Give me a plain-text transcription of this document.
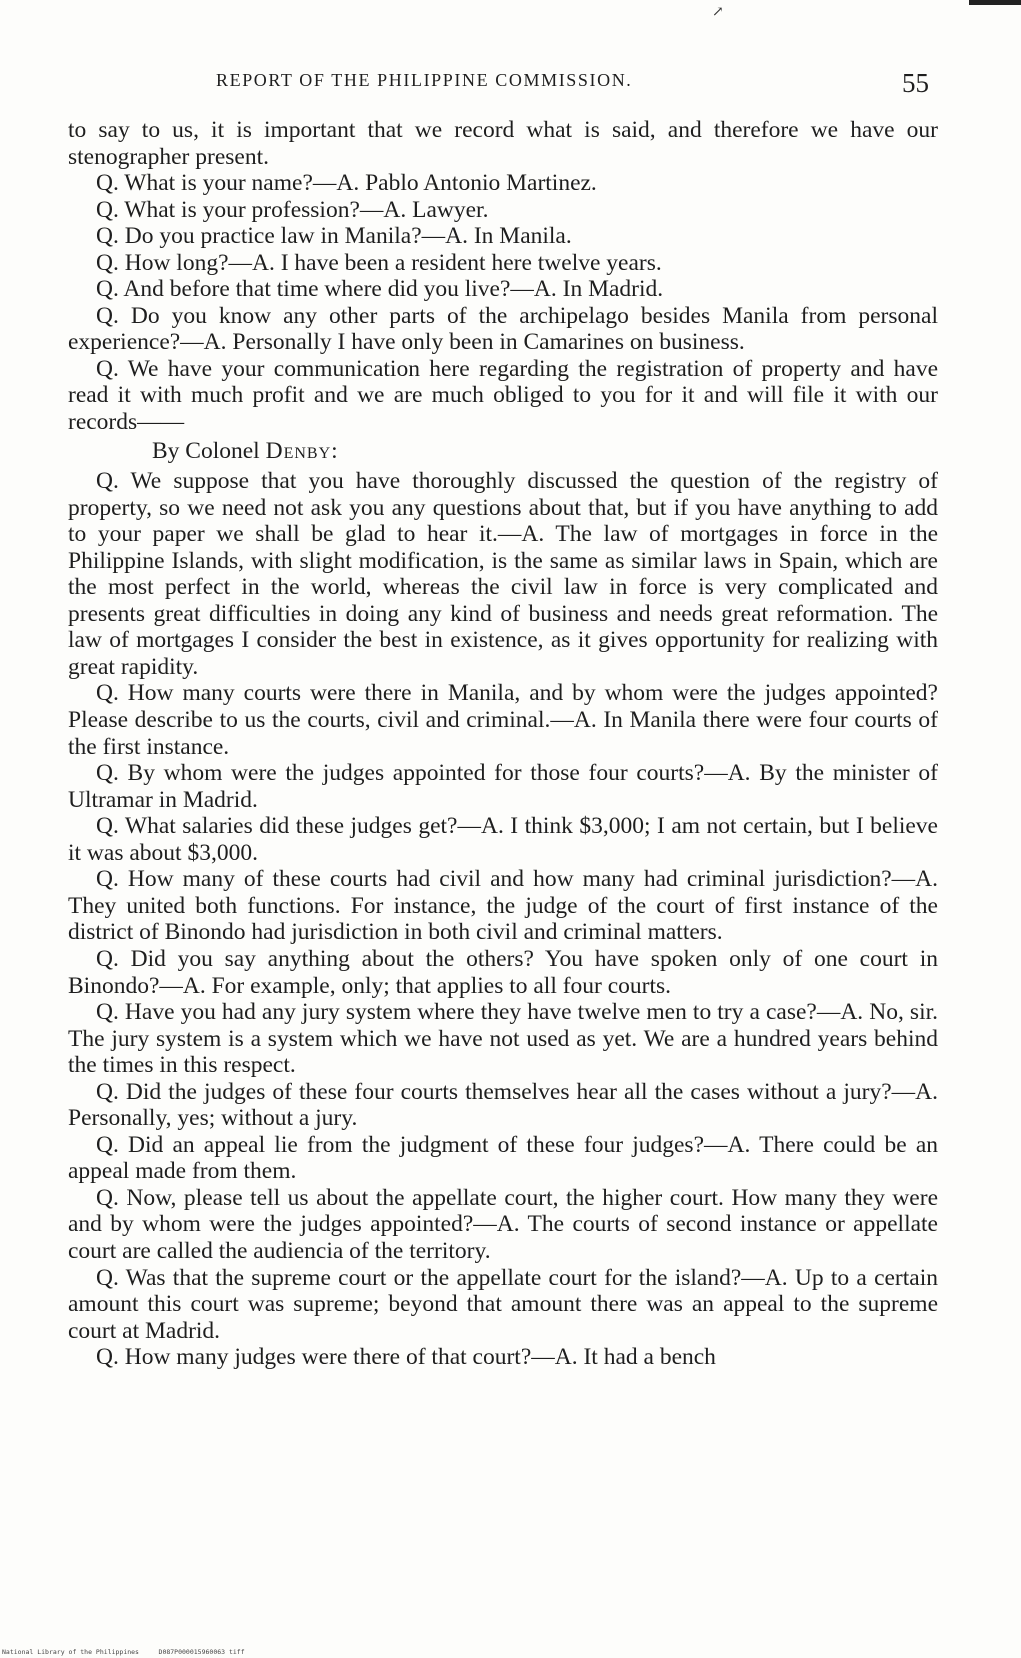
↗
REPORT OF THE PHILIPPINE COMMISSION.	55

to say to us, it is important that we record what is said, and therefore we have our stenographer present.

Q. What is your name?—A. Pablo Antonio Martinez.

Q. What is your profession?—A. Lawyer.

Q. Do you practice law in Manila?—A. In Manila.

Q. How long?—A. I have been a resident here twelve years.

Q. And before that time where did you live?—A. In Madrid.

Q. Do you know any other parts of the archipelago besides Manila from personal experience?—A. Personally I have only been in Camarines on business.

Q. We have your communication here regarding the registration of property and have read it with much profit and we are much obliged to you for it and will file it with our records——

By Colonel Denby:

Q. We suppose that you have thoroughly discussed the question of the registry of property, so we need not ask you any questions about that, but if you have anything to add to your paper we shall be glad to hear it.—A. The law of mortgages in force in the Philippine Islands, with slight modification, is the same as similar laws in Spain, which are the most perfect in the world, whereas the civil law in force is very complicated and presents great difficulties in doing any kind of business and needs great reformation. The law of mortgages I consider the best in existence, as it gives opportunity for realizing with great rapidity.

Q. How many courts were there in Manila, and by whom were the judges appointed? Please describe to us the courts, civil and criminal.—A. In Manila there were four courts of the first instance.

Q. By whom were the judges appointed for those four courts?—A. By the minister of Ultramar in Madrid.

Q. What salaries did these judges get?—A. I think $3,000; I am not certain, but I believe it was about $3,000.

Q. How many of these courts had civil and how many had criminal jurisdiction?—A. They united both functions. For instance, the judge of the court of first instance of the district of Binondo had jurisdiction in both civil and criminal matters.

Q. Did you say anything about the others? You have spoken only of one court in Binondo?—A. For example, only; that applies to all four courts.

Q. Have you had any jury system where they have twelve men to try a case?—A. No, sir. The jury system is a system which we have not used as yet. We are a hundred years behind the times in this respect.

Q. Did the judges of these four courts themselves hear all the cases without a jury?—A. Personally, yes; without a jury.

Q. Did an appeal lie from the judgment of these four judges?—A. There could be an appeal made from them.

Q. Now, please tell us about the appellate court, the higher court. How many they were and by whom were the judges appointed?—A. The courts of second instance or appellate court are called the audiencia of the territory.

Q. Was that the supreme court or the appellate court for the island?—A. Up to a certain amount this court was supreme; beyond that amount there was an appeal to the supreme court at Madrid.

Q. How many judges were there of that court?—A. It had a bench

National Library of the Philippines     D087P000015960063 tiff
